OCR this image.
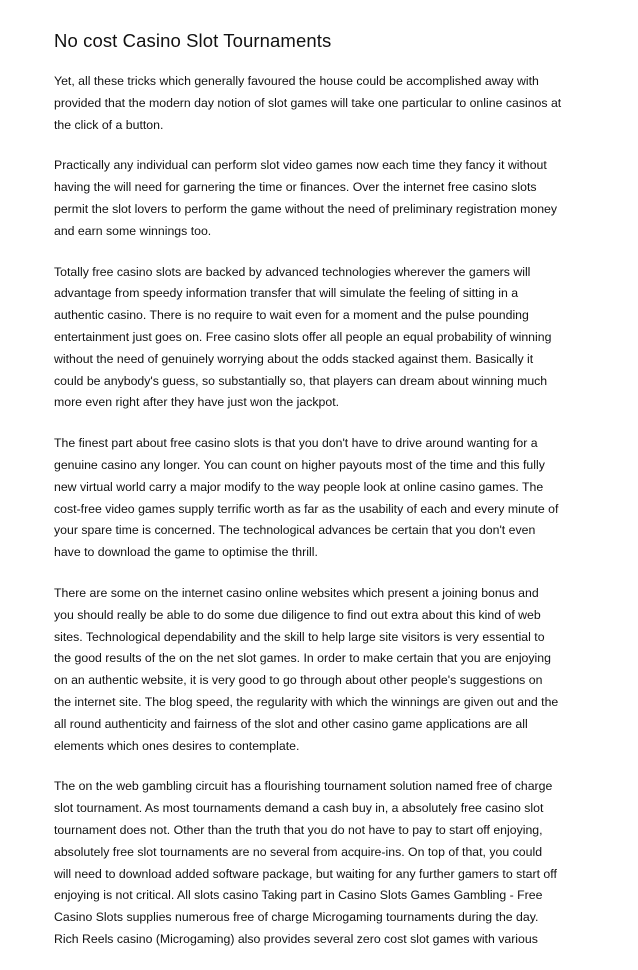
No cost Casino Slot Tournaments
Yet, all these tricks which generally favoured the house could be accomplished away with
provided that the modern day notion of slot games will take one particular to online casinos at
the click of a button.
Practically any individual can perform slot video games now each time they fancy it without
having the will need for garnering the time or finances. Over the internet free casino slots
permit the slot lovers to perform the game without the need of preliminary registration money
and earn some winnings too.
Totally free casino slots are backed by advanced technologies wherever the gamers will
advantage from speedy information transfer that will simulate the feeling of sitting in a
authentic casino. There is no require to wait even for a moment and the pulse pounding
entertainment just goes on. Free casino slots offer all people an equal probability of winning
without the need of genuinely worrying about the odds stacked against them. Basically it
could be anybody's guess, so substantially so, that players can dream about winning much
more even right after they have just won the jackpot.
The finest part about free casino slots is that you don't have to drive around wanting for a
genuine casino any longer. You can count on higher payouts most of the time and this fully
new virtual world carry a major modify to the way people look at online casino games. The
cost-free video games supply terrific worth as far as the usability of each and every minute of
your spare time is concerned. The technological advances be certain that you don't even
have to download the game to optimise the thrill.
There are some on the internet casino online websites which present a joining bonus and
you should really be able to do some due diligence to find out extra about this kind of web
sites. Technological dependability and the skill to help large site visitors is very essential to
the good results of the on the net slot games. In order to make certain that you are enjoying
on an authentic website, it is very good to go through about other people's suggestions on
the internet site. The blog speed, the regularity with which the winnings are given out and the
all round authenticity and fairness of the slot and other casino game applications are all
elements which ones desires to contemplate.
The on the web gambling circuit has a flourishing tournament solution named free of charge
slot tournament. As most tournaments demand a cash buy in, a absolutely free casino slot
tournament does not. Other than the truth that you do not have to pay to start off enjoying,
absolutely free slot tournaments are no several from acquire-ins. On top of that, you could
will need to download added software package, but waiting for any further gamers to start off
enjoying is not critical. All slots casino Taking part in Casino Slots Games Gambling - Free
Casino Slots supplies numerous free of charge Microgaming tournaments during the day.
Rich Reels casino (Microgaming) also provides several zero cost slot games with various
